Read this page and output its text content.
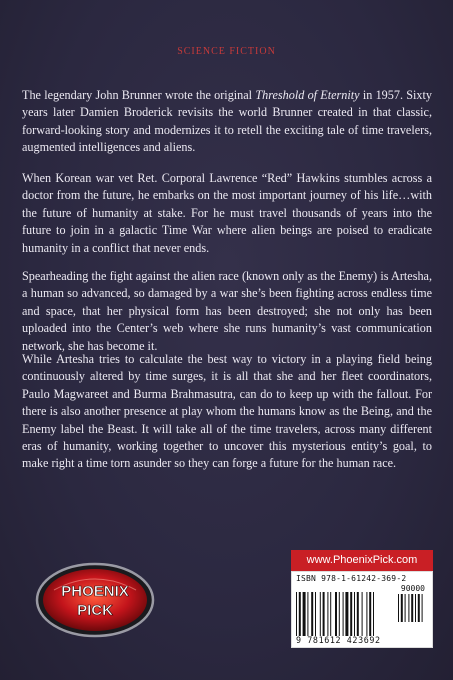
SCIENCE FICTION

The legendary John Brunner wrote the original Threshold of Eternity in 1957. Sixty years later Damien Broderick revisits the world Brunner created in that classic, forward-looking story and modernizes it to retell the exciting tale of time travelers, augmented intelligences and aliens.

When Korean war vet Ret. Corporal Lawrence “Red” Hawkins stumbles across a doctor from the future, he embarks on the most important journey of his life…with the future of humanity at stake. For he must travel thousands of years into the future to join in a galactic Time War where alien beings are poised to eradicate humanity in a conflict that never ends.

Spearheading the fight against the alien race (known only as the Enemy) is Artesha, a human so advanced, so damaged by a war she’s been fighting across endless time and space, that her physical form has been destroyed; she not only has been uploaded into the Center’s web where she runs humanity’s vast communication network, she has become it.

While Artesha tries to calculate the best way to victory in a playing field being continuously altered by time surges, it is all that she and her fleet coordinators, Paulo Magwareet and Burma Brahmasutra, can do to keep up with the fallout. For there is also another presence at play whom the humans know as the Being, and the Enemy label the Beast. It will take all of the time travelers, across many different eras of humanity, working together to uncover this mysterious entity’s goal, to make right a time torn asunder so they can forge a future for the human race.

PHOENIX
PICK
www.PhoenixPick.com
ISBN 978-1-61242-369-2
90000
9 781612 423692
